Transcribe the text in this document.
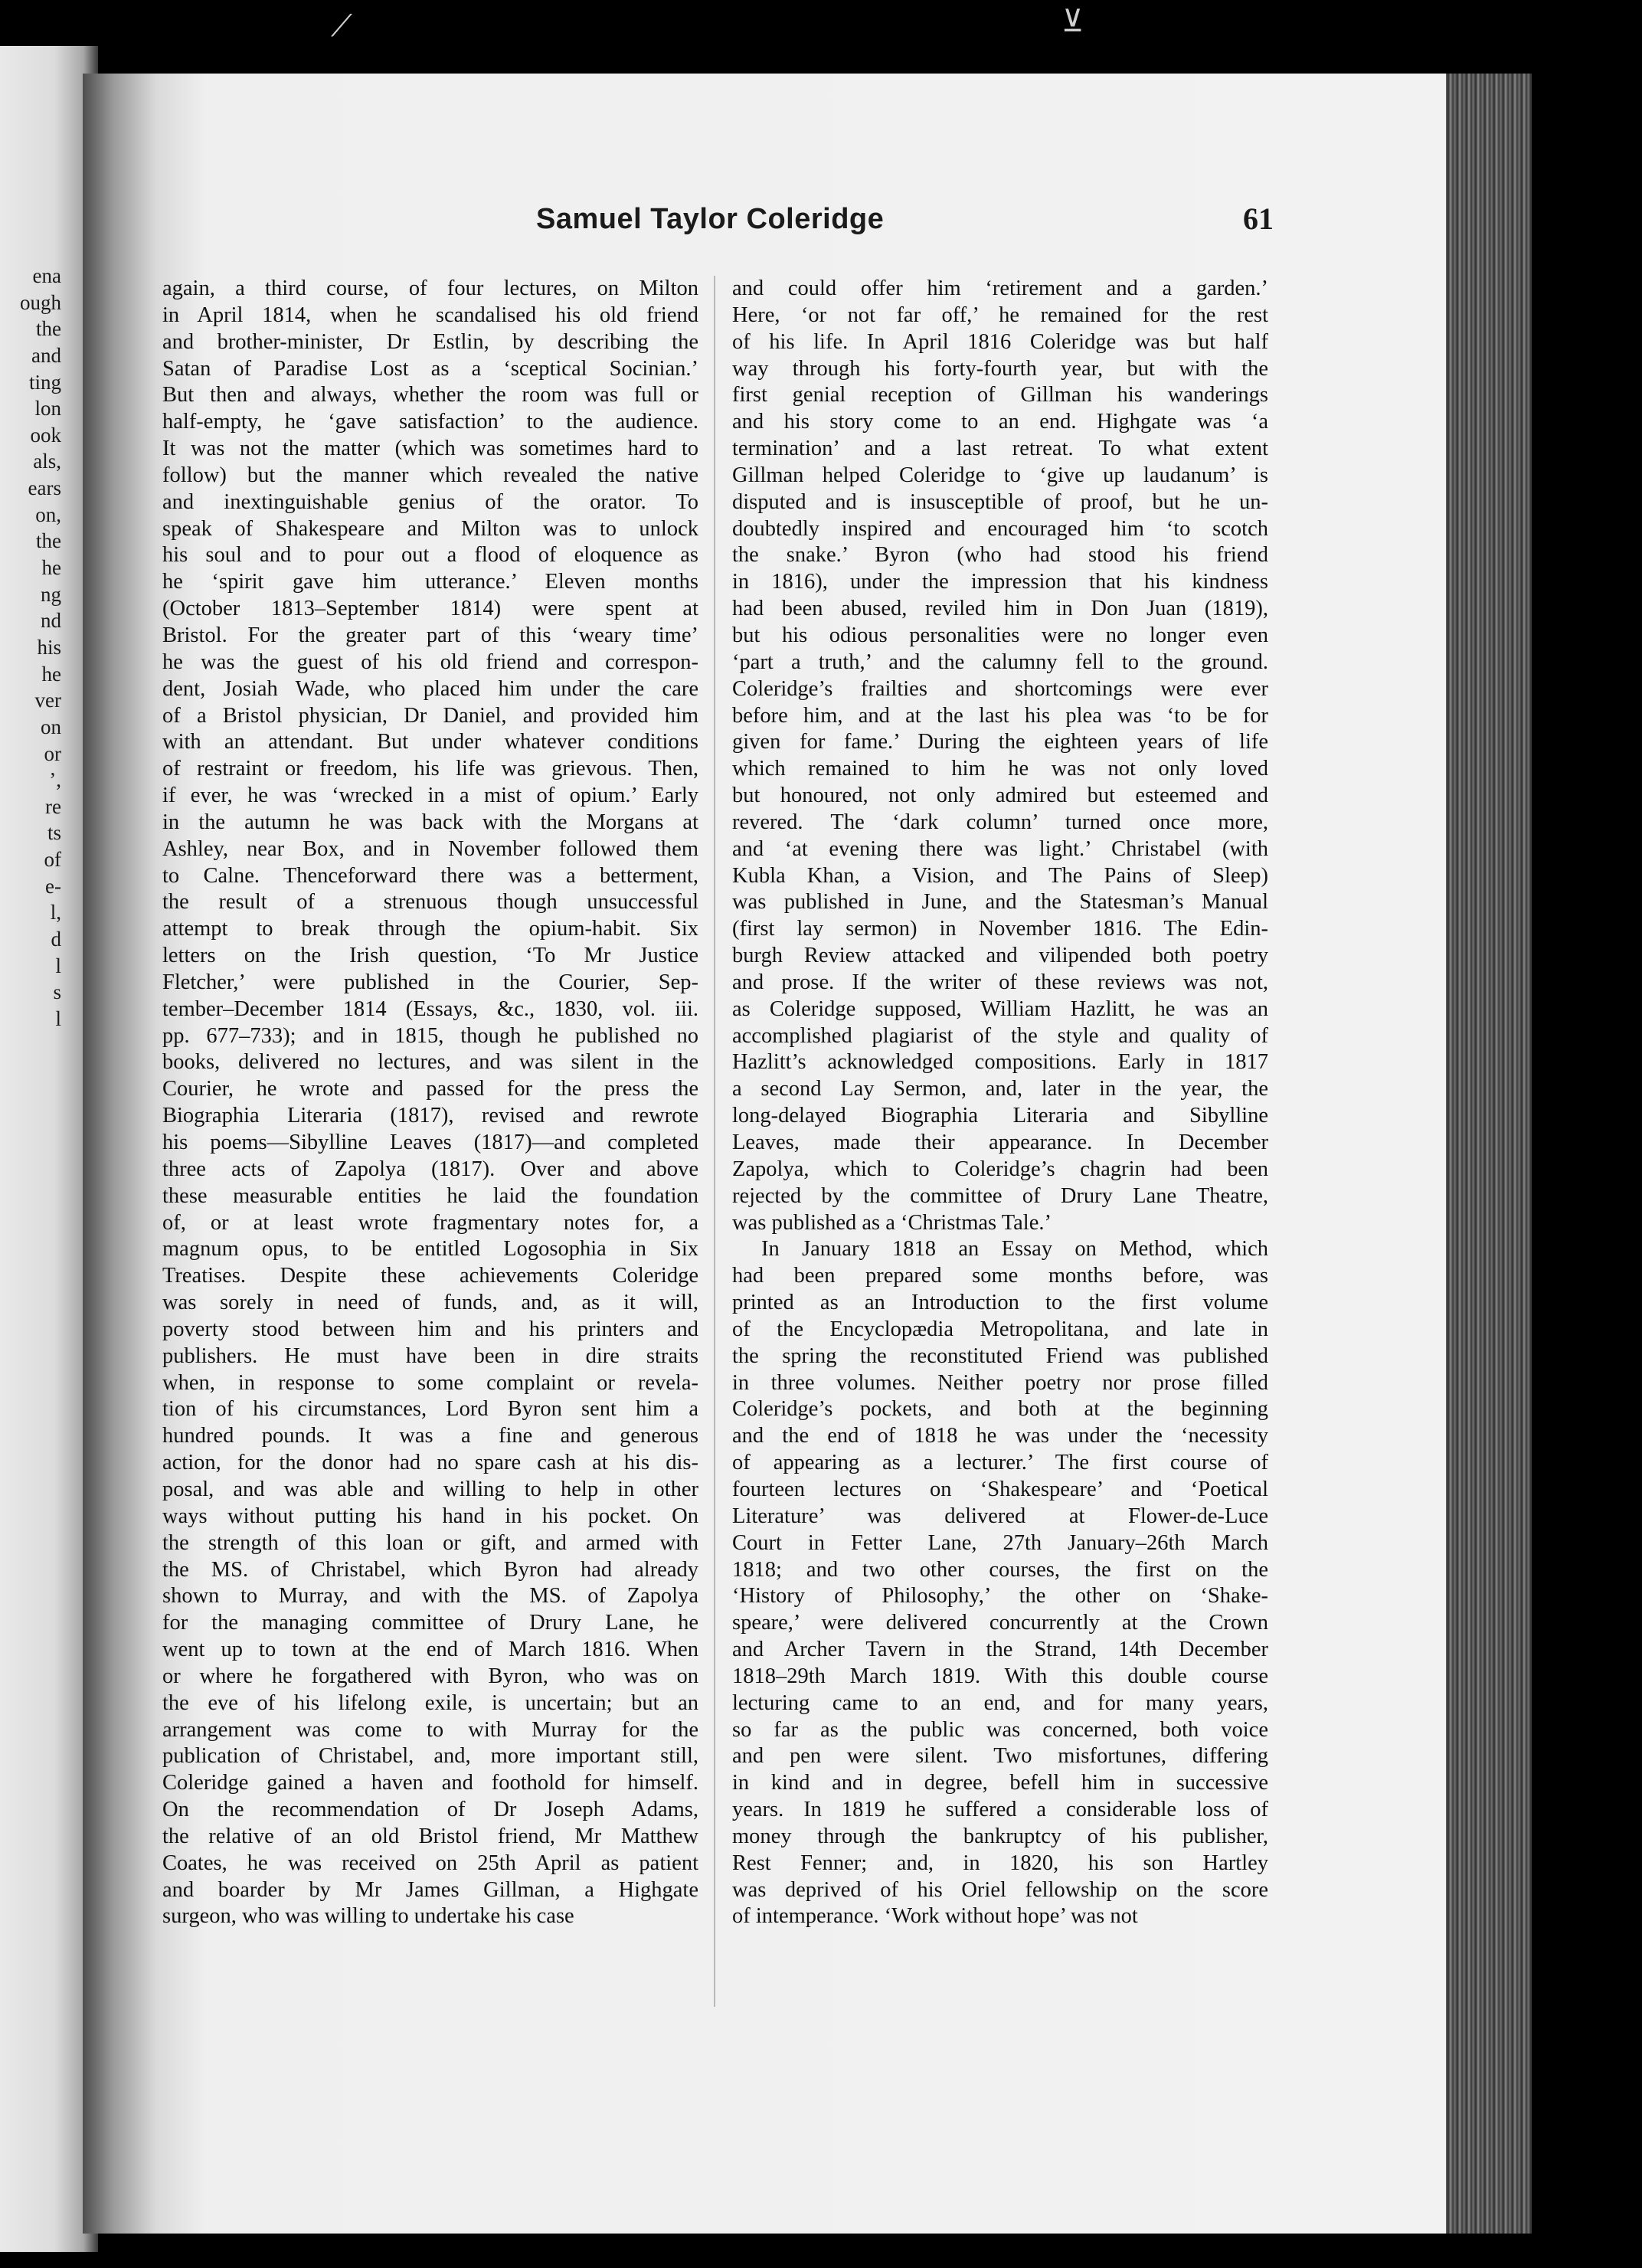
ena
ough
the
and
ting
lon
ook
als,
ears
on,
the
he
ng
nd
his
he
ver
on
or
’,
re
ts
of
e-
l,
d
l
s
l
⟋	⊻
Samuel Taylor Coleridge	61
again, a third course, of four lectures, on Milton
in April 1814, when he scandalised his old friend
and brother-minister, Dr Estlin, by describing the
Satan of Paradise Lost as a ‘sceptical Socinian.’
But then and always, whether the room was full or
half-empty, he ‘gave satisfaction’ to the audience.
It was not the matter (which was sometimes hard to
follow) but the manner which revealed the native
and inextinguishable genius of the orator. To
speak of Shakespeare and Milton was to unlock
his soul and to pour out a flood of eloquence as
he ‘spirit gave him utterance.’ Eleven months
(October 1813–September 1814) were spent at
Bristol. For the greater part of this ‘weary time’
he was the guest of his old friend and correspon-
dent, Josiah Wade, who placed him under the care
of a Bristol physician, Dr Daniel, and provided him
with an attendant. But under whatever conditions
of restraint or freedom, his life was grievous. Then,
if ever, he was ‘wrecked in a mist of opium.’ Early
in the autumn he was back with the Morgans at
Ashley, near Box, and in November followed them
to Calne. Thenceforward there was a betterment,
the result of a strenuous though unsuccessful
attempt to break through the opium-habit. Six
letters on the Irish question, ‘To Mr Justice
Fletcher,’ were published in the Courier, Sep-
tember–December 1814 (Essays, &c., 1830, vol. iii.
pp. 677–733); and in 1815, though he published no
books, delivered no lectures, and was silent in the
Courier, he wrote and passed for the press the
Biographia Literaria (1817), revised and rewrote
his poems—Sibylline Leaves (1817)—and completed
three acts of Zapolya (1817). Over and above
these measurable entities he laid the foundation
of, or at least wrote fragmentary notes for, a
magnum opus, to be entitled Logosophia in Six
Treatises. Despite these achievements Coleridge
was sorely in need of funds, and, as it will,
poverty stood between him and his printers and
publishers. He must have been in dire straits
when, in response to some complaint or revela-
tion of his circumstances, Lord Byron sent him a
hundred pounds. It was a fine and generous
action, for the donor had no spare cash at his dis-
posal, and was able and willing to help in other
ways without putting his hand in his pocket. On
the strength of this loan or gift, and armed with
the MS. of Christabel, which Byron had already
shown to Murray, and with the MS. of Zapolya
for the managing committee of Drury Lane, he
went up to town at the end of March 1816. When
or where he forgathered with Byron, who was on
the eve of his lifelong exile, is uncertain; but an
arrangement was come to with Murray for the
publication of Christabel, and, more important still,
Coleridge gained a haven and foothold for himself.
On the recommendation of Dr Joseph Adams,
the relative of an old Bristol friend, Mr Matthew
Coates, he was received on 25th April as patient
and boarder by Mr James Gillman, a Highgate
surgeon, who was willing to undertake his case
and could offer him ‘retirement and a garden.’
Here, ‘or not far off,’ he remained for the rest
of his life. In April 1816 Coleridge was but half
way through his forty-fourth year, but with the
first genial reception of Gillman his wanderings
and his story come to an end. Highgate was ‘a
termination’ and a last retreat. To what extent
Gillman helped Coleridge to ‘give up laudanum’ is
disputed and is insusceptible of proof, but he un-
doubtedly inspired and encouraged him ‘to scotch
the snake.’ Byron (who had stood his friend
in 1816), under the impression that his kindness
had been abused, reviled him in Don Juan (1819),
but his odious personalities were no longer even
‘part a truth,’ and the calumny fell to the ground.
Coleridge’s frailties and shortcomings were ever
before him, and at the last his plea was ‘to be for
given for fame.’ During the eighteen years of life
which remained to him he was not only loved
but honoured, not only admired but esteemed and
revered. The ‘dark column’ turned once more,
and ‘at evening there was light.’ Christabel (with
Kubla Khan, a Vision, and The Pains of Sleep)
was published in June, and the Statesman’s Manual
(first lay sermon) in November 1816. The Edin-
burgh Review attacked and vilipended both poetry
and prose. If the writer of these reviews was not,
as Coleridge supposed, William Hazlitt, he was an
accomplished plagiarist of the style and quality of
Hazlitt’s acknowledged compositions. Early in 1817
a second Lay Sermon, and, later in the year, the
long-delayed Biographia Literaria and Sibylline
Leaves, made their appearance. In December
Zapolya, which to Coleridge’s chagrin had been
rejected by the committee of Drury Lane Theatre,
was published as a ‘Christmas Tale.’
In January 1818 an Essay on Method, which
had been prepared some months before, was
printed as an Introduction to the first volume
of the Encyclopædia Metropolitana, and late in
the spring the reconstituted Friend was published
in three volumes. Neither poetry nor prose filled
Coleridge’s pockets, and both at the beginning
and the end of 1818 he was under the ‘necessity
of appearing as a lecturer.’ The first course of
fourteen lectures on ‘Shakespeare’ and ‘Poetical
Literature’ was delivered at Flower-de-Luce
Court in Fetter Lane, 27th January–26th March
1818; and two other courses, the first on the
‘History of Philosophy,’ the other on ‘Shake-
speare,’ were delivered concurrently at the Crown
and Archer Tavern in the Strand, 14th December
1818–29th March 1819. With this double course
lecturing came to an end, and for many years,
so far as the public was concerned, both voice
and pen were silent. Two misfortunes, differing
in kind and in degree, befell him in successive
years. In 1819 he suffered a considerable loss of
money through the bankruptcy of his publisher,
Rest Fenner; and, in 1820, his son Hartley
was deprived of his Oriel fellowship on the score
of intemperance. ‘Work without hope’ was not
